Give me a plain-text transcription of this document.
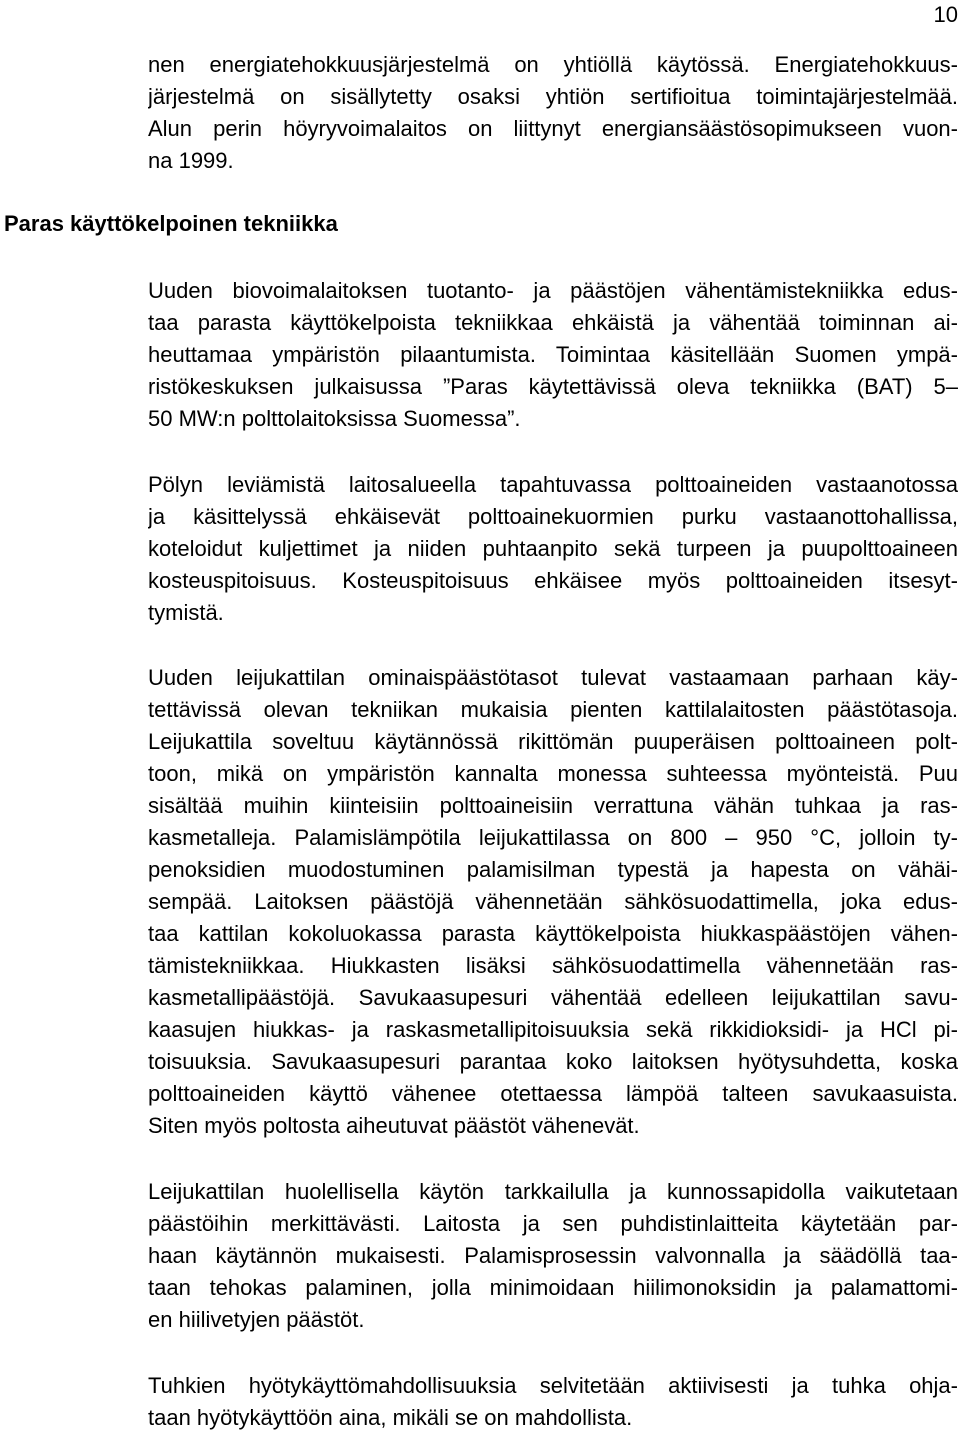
10
nen energiatehokkuusjärjestelmä on yhtiöllä käytössä. Energiatehokkuus-
järjestelmä on sisällytetty osaksi yhtiön sertifioitua toimintajärjestelmää.
Alun perin höyryvoimalaitos on liittynyt energiansäästösopimukseen vuon-
na 1999.
Paras käyttökelpoinen tekniikka
Uuden biovoimalaitoksen tuotanto- ja päästöjen vähentämistekniikka edus-
taa parasta käyttökelpoista tekniikkaa ehkäistä ja vähentää toiminnan ai-
heuttamaa ympäristön pilaantumista. Toimintaa käsitellään Suomen ympä-
ristökeskuksen julkaisussa ”Paras käytettävissä oleva tekniikka (BAT) 5–
50 MW:n polttolaitoksissa Suomessa”.
Pölyn leviämistä laitosalueella tapahtuvassa polttoaineiden vastaanotossa
ja käsittelyssä ehkäisevät polttoainekuormien purku vastaanottohallissa,
koteloidut kuljettimet ja niiden puhtaanpito sekä turpeen ja puupolttoaineen
kosteuspitoisuus. Kosteuspitoisuus ehkäisee myös polttoaineiden itsesyt-
tymistä.
Uuden leijukattilan ominaispäästötasot tulevat vastaamaan parhaan käy-
tettävissä olevan tekniikan mukaisia pienten kattilalaitosten päästötasoja.
Leijukattila soveltuu käytännössä rikittömän puuperäisen polttoaineen polt-
toon, mikä on ympäristön kannalta monessa suhteessa myönteistä. Puu
sisältää muihin kiinteisiin polttoaineisiin verrattuna vähän tuhkaa ja ras-
kasmetalleja. Palamislämpötila leijukattilassa on 800 – 950 °C, jolloin ty-
penoksidien muodostuminen palamisilman typestä ja hapesta on vähäi-
sempää. Laitoksen päästöjä vähennetään sähkösuodattimella, joka edus-
taa kattilan kokoluokassa parasta käyttökelpoista hiukkaspäästöjen vähen-
tämistekniikkaa. Hiukkasten lisäksi sähkösuodattimella vähennetään ras-
kasmetallipäästöjä. Savukaasupesuri vähentää edelleen leijukattilan savu-
kaasujen hiukkas- ja raskasmetallipitoisuuksia sekä rikkidioksidi- ja HCl pi-
toisuuksia. Savukaasupesuri parantaa koko laitoksen hyötysuhdetta, koska
polttoaineiden käyttö vähenee otettaessa lämpöä talteen savukaasuista.
Siten myös poltosta aiheutuvat päästöt vähenevät.
Leijukattilan huolellisella käytön tarkkailulla ja kunnossapidolla vaikutetaan
päästöihin merkittävästi. Laitosta ja sen puhdistinlaitteita käytetään par-
haan käytännön mukaisesti. Palamisprosessin valvonnalla ja säädöllä taa-
taan tehokas palaminen, jolla minimoidaan hiilimonoksidin ja palamattomi-
en hiilivetyjen päästöt.
Tuhkien hyötykäyttömahdollisuuksia selvitetään aktiivisesti ja tuhka ohja-
taan hyötykäyttöön aina, mikäli se on mahdollista.
